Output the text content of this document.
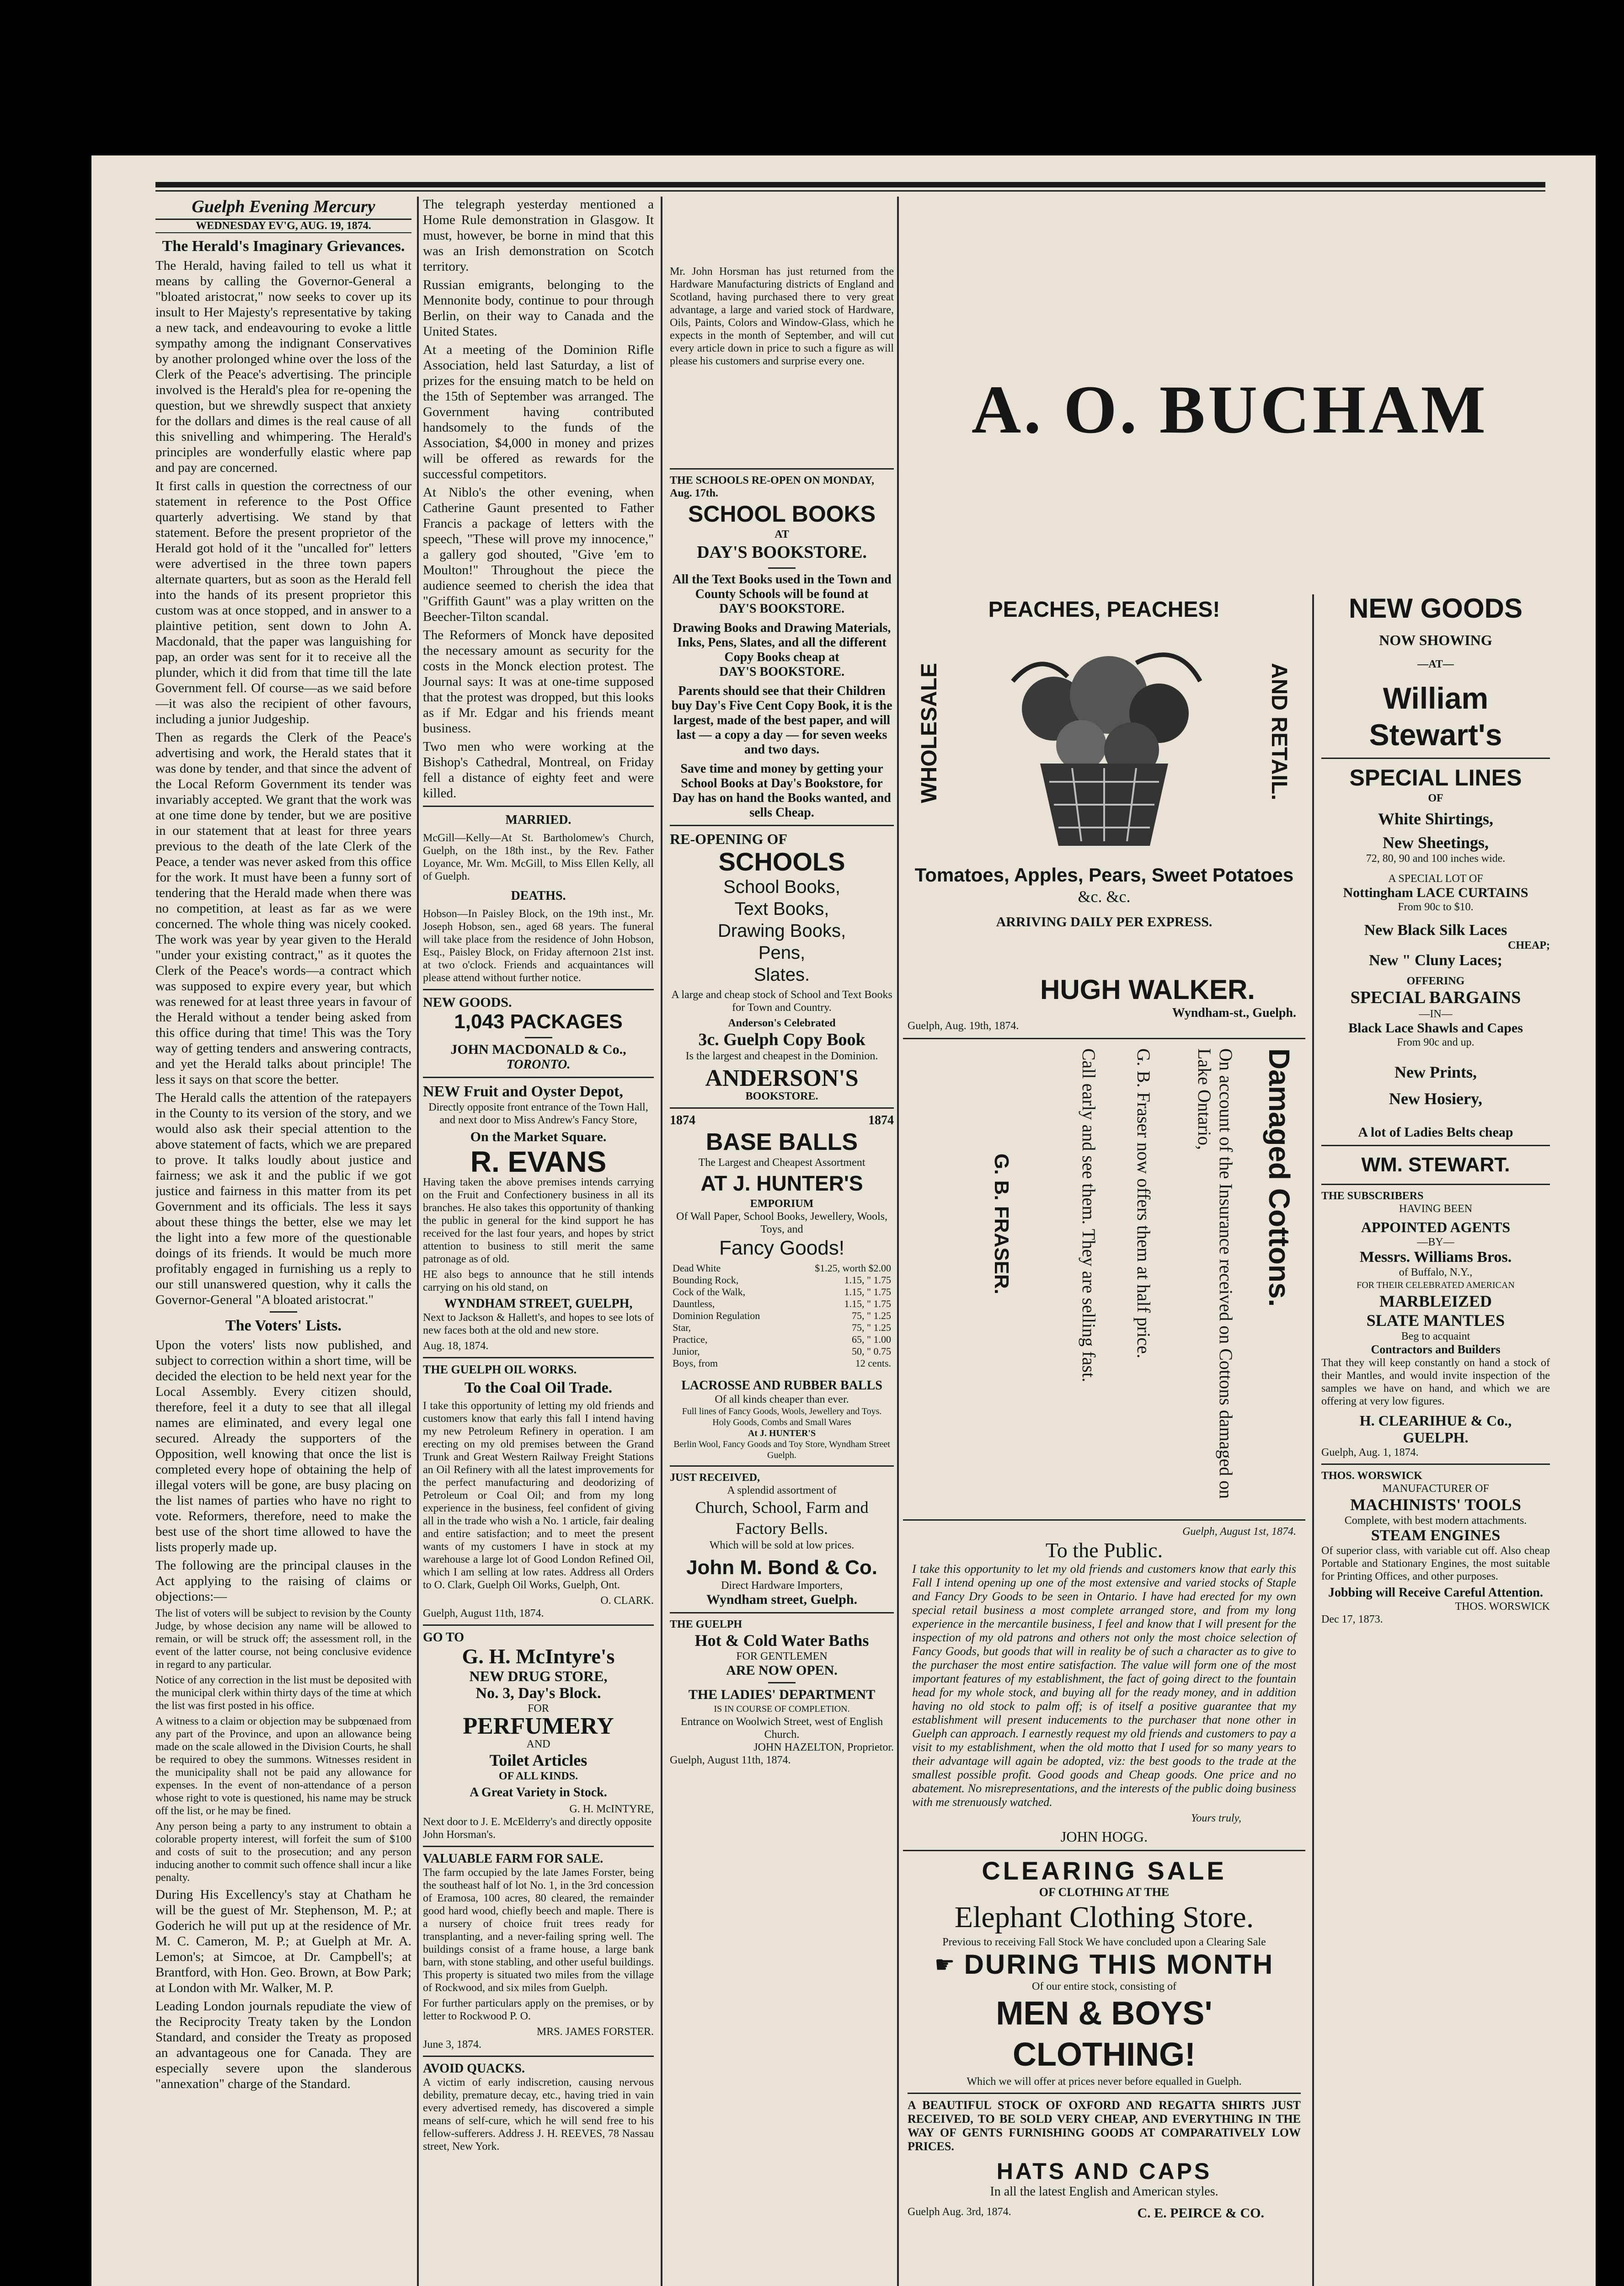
Guelph Evening Mercury
WEDNESDAY EV'G, AUG. 19, 1874.
The Herald's Imaginary Grievances.

The Herald, having failed to tell us what it means by calling the Governor-General a "bloated aristocrat," now seeks to cover up its insult to Her Majesty's representative by taking a new tack, and endeavouring to evoke a little sympathy among the indignant Conservatives by another prolonged whine over the loss of the Clerk of the Peace's advertising. The principle involved is the Herald's plea for re-opening the question, but we shrewdly suspect that anxiety for the dollars and dimes is the real cause of all this snivelling and whimpering. The Herald's principles are wonderfully elastic where pap and pay are concerned.

It first calls in question the correctness of our statement in reference to the Post Office quarterly advertising. We stand by that statement. Before the present proprietor of the Herald got hold of it the "uncalled for" letters were advertised in the three town papers alternate quarters, but as soon as the Herald fell into the hands of its present proprietor this custom was at once stopped, and in answer to a plaintive petition, sent down to John A. Macdonald, that the paper was languishing for pap, an order was sent for it to receive all the plunder, which it did from that time till the late Government fell. Of course—as we said before—it was also the recipient of other favours, including a junior Judgeship.

Then as regards the Clerk of the Peace's advertising and work, the Herald states that it was done by tender, and that since the advent of the Local Reform Government its tender was invariably accepted. We grant that the work was at one time done by tender, but we are positive in our statement that at least for three years previous to the death of the late Clerk of the Peace, a tender was never asked from this office for the work. It must have been a funny sort of tendering that the Herald made when there was no competition, at least as far as we were concerned. The whole thing was nicely cooked. The work was year by year given to the Herald "under your existing contract," as it quotes the Clerk of the Peace's words—a contract which was supposed to expire every year, but which was renewed for at least three years in favour of the Herald without a tender being asked from this office during that time! This was the Tory way of getting tenders and answering contracts, and yet the Herald talks about principle! The less it says on that score the better.

The Herald calls the attention of the ratepayers in the County to its version of the story, and we would also ask their special attention to the above statement of facts, which we are prepared to prove. It talks loudly about justice and fairness; we ask it and the public if we got justice and fairness in this matter from its pet Government and its officials. The less it says about these things the better, else we may let the light into a few more of the questionable doings of its friends. It would be much more profitably engaged in furnishing us a reply to our still unanswered question, why it calls the Governor-General "A bloated aristocrat."

The Voters' Lists.

Upon the voters' lists now published, and subject to correction within a short time, will be decided the election to be held next year for the Local Assembly. Every citizen should, therefore, feel it a duty to see that all illegal names are eliminated, and every legal one secured. Already the supporters of the Opposition, well knowing that once the list is completed every hope of obtaining the help of illegal voters will be gone, are busy placing on the list names of parties who have no right to vote. Reformers, therefore, need to make the best use of the short time allowed to have the lists properly made up.

The following are the principal clauses in the Act applying to the raising of claims or objections:—

The list of voters will be subject to revision by the County Judge, by whose decision any name will be allowed to remain, or will be struck off; the assessment roll, in the event of the latter course, not being conclusive evidence in regard to any particular.

Notice of any correction in the list must be deposited with the municipal clerk within thirty days of the time at which the list was first posted in his office.

A witness to a claim or objection may be subpœnaed from any part of the Province, and upon an allowance being made on the scale allowed in the Division Courts, he shall be required to obey the summons. Witnesses resident in the municipality shall not be paid any allowance for expenses. In the event of non-attendance of a person whose right to vote is questioned, his name may be struck off the list, or he may be fined.

Any person being a party to any instrument to obtain a colorable property interest, will forfeit the sum of $100 and costs of suit to the prosecution; and any person inducing another to commit such offence shall incur a like penalty.

During His Excellency's stay at Chatham he will be the guest of Mr. Stephenson, M. P.; at Goderich he will put up at the residence of Mr. M. C. Cameron, M. P.; at Guelph at Mr. A. Lemon's; at Simcoe, at Dr. Campbell's; at Brantford, with Hon. Geo. Brown, at Bow Park; at London with Mr. Walker, M. P.

Leading London journals repudiate the view of the Reciprocity Treaty taken by the London Standard, and consider the Treaty as proposed an advantageous one for Canada. They are especially severe upon the slanderous "annexation" charge of the Standard.

The telegraph yesterday mentioned a Home Rule demonstration in Glasgow. It must, however, be borne in mind that this was an Irish demonstration on Scotch territory.

Russian emigrants, belonging to the Mennonite body, continue to pour through Berlin, on their way to Canada and the United States.

At a meeting of the Dominion Rifle Association, held last Saturday, a list of prizes for the ensuing match to be held on the 15th of September was arranged. The Government having contributed handsomely to the funds of the Association, $4,000 in money and prizes will be offered as rewards for the successful competitors.

At Niblo's the other evening, when Catherine Gaunt presented to Father Francis a package of letters with the speech, "These will prove my innocence," a gallery god shouted, "Give 'em to Moulton!" Throughout the piece the audience seemed to cherish the idea that "Griffith Gaunt" was a play written on the Beecher-Tilton scandal.

The Reformers of Monck have deposited the necessary amount as security for the costs in the Monck election protest. The Journal says: It was at one-time supposed that the protest was dropped, but this looks as if Mr. Edgar and his friends meant business.

Two men who were working at the Bishop's Cathedral, Montreal, on Friday fell a distance of eighty feet and were killed.

MARRIED.

McGill—Kelly—At St. Bartholomew's Church, Guelph, on the 18th inst., by the Rev. Father Loyance, Mr. Wm. McGill, to Miss Ellen Kelly, all of Guelph.

DEATHS.

Hobson—In Paisley Block, on the 19th inst., Mr. Joseph Hobson, sen., aged 68 years. The funeral will take place from the residence of John Hobson, Esq., Paisley Block, on Friday afternoon 21st inst. at two o'clock. Friends and acquaintances will please attend without further notice.

NEW GOODS.
1,043 PACKAGES
JOHN MACDONALD & Co.,
TORONTO.
NEW Fruit and Oyster Depot,
Directly opposite front entrance of the Town Hall, and next door to Miss Andrew's Fancy Store,
On the Market Square.
R. EVANS

Having taken the above premises intends carrying on the Fruit and Confectionery business in all its branches. He also takes this opportunity of thanking the public in general for the kind support he has received for the last four years, and hopes by strict attention to business to still merit the same patronage as of old.

HE also begs to announce that he still intends carrying on his old stand, on

WYNDHAM STREET, GUELPH,

Next to Jackson & Hallett's, and hopes to see lots of new faces both at the old and new store.

Aug. 18, 1874.
THE GUELPH OIL WORKS.
To the Coal Oil Trade.

I take this opportunity of letting my old friends and customers know that early this fall I intend having my new Petroleum Refinery in operation. I am erecting on my old premises between the Grand Trunk and Great Western Railway Freight Stations an Oil Refinery with all the latest improvements for the perfect manufacturing and deodorizing of Petroleum or Coal Oil; and from my long experience in the business, feel confident of giving all in the trade who wish a No. 1 article, fair dealing and entire satisfaction; and to meet the present wants of my customers I have in stock at my warehouse a large lot of Good London Refined Oil, which I am selling at low rates. Address all Orders to O. Clark, Guelph Oil Works, Guelph, Ont.

O. CLARK.
Guelph, August 11th, 1874.
GO TO
G. H. McIntyre's
NEW DRUG STORE,
No. 3, Day's Block.
FOR
PERFUMERY
AND
Toilet Articles
OF ALL KINDS.
A Great Variety in Stock.
G. H. McINTYRE,
Next door to J. E. McElderry's and directly opposite John Horsman's.
VALUABLE FARM FOR SALE.

The farm occupied by the late James Forster, being the southeast half of lot No. 1, in the 3rd concession of Eramosa, 100 acres, 80 cleared, the remainder good hard wood, chiefly beech and maple. There is a nursery of choice fruit trees ready for transplanting, and a never-failing spring well. The buildings consist of a frame house, a large bank barn, with stone stabling, and other useful buildings. This property is situated two miles from the village of Rockwood, and six miles from Guelph.

For further particulars apply on the premises, or by letter to Rockwood P. O.

MRS. JAMES FORSTER.
June 3, 1874.
AVOID QUACKS.

A victim of early indiscretion, causing nervous debility, premature decay, etc., having tried in vain every advertised remedy, has discovered a simple means of self-cure, which he will send free to his fellow-sufferers. Address J. H. REEVES, 78 Nassau street, New York.

Mr. John Horsman has just returned from the Hardware Manufacturing districts of England and Scotland, having purchased there to very great advantage, a large and varied stock of Hardware, Oils, Paints, Colors and Window-Glass, which he expects in the month of September, and will cut every article down in price to such a figure as will please his customers and surprise every one.

THE SCHOOLS RE-OPEN ON MONDAY, Aug. 17th.
SCHOOL BOOKS
AT
DAY'S BOOKSTORE.
All the Text Books used in the Town and County Schools will be found at
DAY'S BOOKSTORE.
Drawing Books and Drawing Materials, Inks, Pens, Slates, and all the different Copy Books cheap at
DAY'S BOOKSTORE.
Parents should see that their Children buy Day's Five Cent Copy Book, it is the largest, made of the best paper, and will last — a copy a day — for seven weeks and two days.
Save time and money by getting your School Books at Day's Bookstore, for Day has on hand the Books wanted, and sells Cheap.
RE-OPENING OF
SCHOOLS
School Books,
Text Books,
Drawing Books,
Pens,
Slates.
A large and cheap stock of School and Text Books for Town and Country.
Anderson's Celebrated
3c. Guelph Copy Book
Is the largest and cheapest in the Dominion.
ANDERSON'S
BOOKSTORE.
1874	1874
BASE BALLS
The Largest and Cheapest Assortment
AT J. HUNTER'S
EMPORIUM
Of Wall Paper, School Books, Jewellery, Wools, Toys, and
Fancy Goods!
Dead White	$1.25, worth $2.00
Bounding Rock,	1.15, " 1.75
Cock of the Walk,	1.15, " 1.75
Dauntless,	1.15, " 1.75
Dominion Regulation	75, " 1.25
Star,	75, " 1.25
Practice,	65, " 1.00
Junior,	50, " 0.75
Boys, from	12 cents.
LACROSSE AND RUBBER BALLS
Of all kinds cheaper than ever.
Full lines of Fancy Goods, Wools, Jewellery and Toys.
Holy Goods, Combs and Small Wares
At J. HUNTER'S
Berlin Wool, Fancy Goods and Toy Store, Wyndham Street Guelph.
JUST RECEIVED,
A splendid assortment of
Church, School, Farm and Factory Bells.
Which will be sold at low prices.
John M. Bond & Co.
Direct Hardware Importers,
Wyndham street, Guelph.
THE GUELPH
Hot & Cold Water Baths
FOR GENTLEMEN
ARE NOW OPEN.
THE LADIES' DEPARTMENT
IS IN COURSE OF COMPLETION.
Entrance on Woolwich Street, west of English Church.
JOHN HAZELTON, Proprietor.
Guelph, August 11th, 1874.
A. O. BUCHAM
PEACHES, PEACHES!
WHOLESALE	AND RETAIL.
Tomatoes, Apples, Pears, Sweet Potatoes
&c. &c.
ARRIVING DAILY PER EXPRESS.
HUGH WALKER.
Wyndham-st., Guelph.
Guelph, Aug. 19th, 1874.
Damaged Cottons.
On account of the Insurance received on Cottons damaged on Lake Ontario,
G. B. Fraser now offers them at half price.
Call early and see them. They are selling fast.
G. B. FRASER.
Guelph, August 1st, 1874.
To the Public.

I take this opportunity to let my old friends and customers know that early this Fall I intend opening up one of the most extensive and varied stocks of Staple and Fancy Dry Goods to be seen in Ontario. I have had erected for my own special retail business a most complete arranged store, and from my long experience in the mercantile business, I feel and know that I will present for the inspection of my old patrons and others not only the most choice selection of Fancy Goods, but goods that will in reality be of such a character as to give to the purchaser the most entire satisfaction. The value will form one of the most important features of my establishment, the fact of going direct to the fountain head for my whole stock, and buying all for the ready money, and in addition having no old stock to palm off; is of itself a positive guarantee that my establishment will present inducements to the purchaser that none other in Guelph can approach. I earnestly request my old friends and customers to pay a visit to my establishment, when the old motto that I used for so many years to their advantage will again be adopted, viz: the best goods to the trade at the smallest possible profit. Good goods and Cheap goods. One price and no abatement. No misrepresentations, and the interests of the public doing business with me strenuously watched.

Yours truly,
JOHN HOGG.
CLEARING SALE
OF CLOTHING AT THE
Elephant Clothing Store.
Previous to receiving Fall Stock We have concluded upon a Clearing Sale
☛ DURING THIS MONTH
Of our entire stock, consisting of
MEN & BOYS' CLOTHING!
Which we will offer at prices never before equalled in Guelph.

A BEAUTIFUL STOCK OF OXFORD AND REGATTA SHIRTS JUST RECEIVED, TO BE SOLD VERY CHEAP, AND EVERYTHING IN THE WAY OF GENTS FURNISHING GOODS AT COMPARATIVELY LOW PRICES.

HATS AND CAPS
In all the latest English and American styles.
Guelph Aug. 3rd, 1874.	C. E. PEIRCE & CO.
NEW GOODS
NOW SHOWING
—AT—
William Stewart's
SPECIAL LINES
OF
White Shirtings,
New Sheetings,
72, 80, 90 and 100 inches wide.
A SPECIAL LOT OF
Nottingham LACE CURTAINS
From 90c to $10.
New Black Silk Laces
CHEAP;
New " Cluny Laces;
OFFERING
SPECIAL BARGAINS
—IN—
Black Lace Shawls and Capes
From 90c and up.
New Prints,
New Hosiery,
A lot of Ladies Belts cheap
WM. STEWART.
THE SUBSCRIBERS
HAVING BEEN
APPOINTED AGENTS
—BY—
Messrs. Williams Bros.
of Buffalo, N.Y.,
FOR THEIR CELEBRATED AMERICAN
MARBLEIZED
SLATE MANTLES
Beg to acquaint
Contractors and Builders

That they will keep constantly on hand a stock of their Mantles, and would invite inspection of the samples we have on hand, and which we are offering at very low figures.

H. CLEARIHUE & Co.,
GUELPH.
Guelph, Aug. 1, 1874.
THOS. WORSWICK
MANUFACTURER OF
MACHINISTS' TOOLS
Complete, with best modern attachments.
STEAM ENGINES

Of superior class, with variable cut off. Also cheap Portable and Stationary Engines, the most suitable for Printing Offices, and other purposes.

Jobbing will Receive Careful Attention.
THOS. WORSWICK
Dec 17, 1873.
